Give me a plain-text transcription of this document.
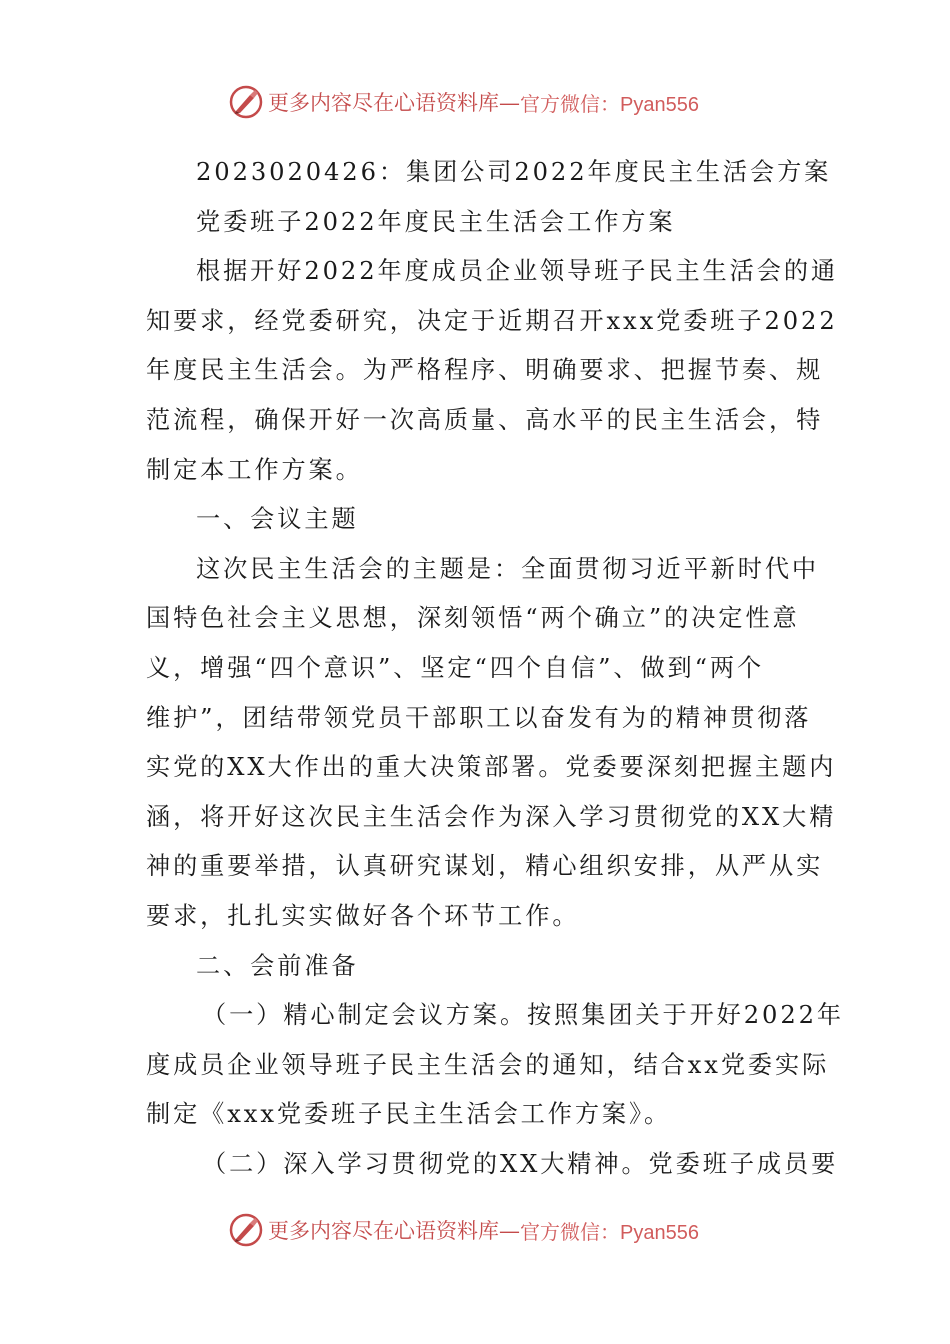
更多内容尽在心语资料库— 官方微信：Pyan556
2023020426：集团公司2022年度民主生活会方案
党委班子2022年度民主生活会工作方案
根据开好2022年度成员企业领导班子民主生活会的通
知要求，经党委研究，决定于近期召开xxx党委班子2022
年度民主生活会。为严格程序、明确要求、把握节奏、规
范流程，确保开好一次高质量、高水平的民主生活会，特
制定本工作方案。
一、会议主题
这次民主生活会的主题是：全面贯彻习近平新时代中
国特色社会主义思想，深刻领悟“两个确立”的决定性意
义，增强“四个意识”、坚定“四个自信”、做到“两个
维护”，团结带领党员干部职工以奋发有为的精神贯彻落
实党的XX大作出的重大决策部署。党委要深刻把握主题内
涵，将开好这次民主生活会作为深入学习贯彻党的XX大精
神的重要举措，认真研究谋划，精心组织安排，从严从实
要求，扎扎实实做好各个环节工作。
二、会前准备
（一）精心制定会议方案。按照集团关于开好2022年
度成员企业领导班子民主生活会的通知，结合xx党委实际
制定《xxx党委班子民主生活会工作方案》。
（二）深入学习贯彻党的XX大精神。党委班子成员要
更多内容尽在心语资料库— 官方微信：Pyan556
